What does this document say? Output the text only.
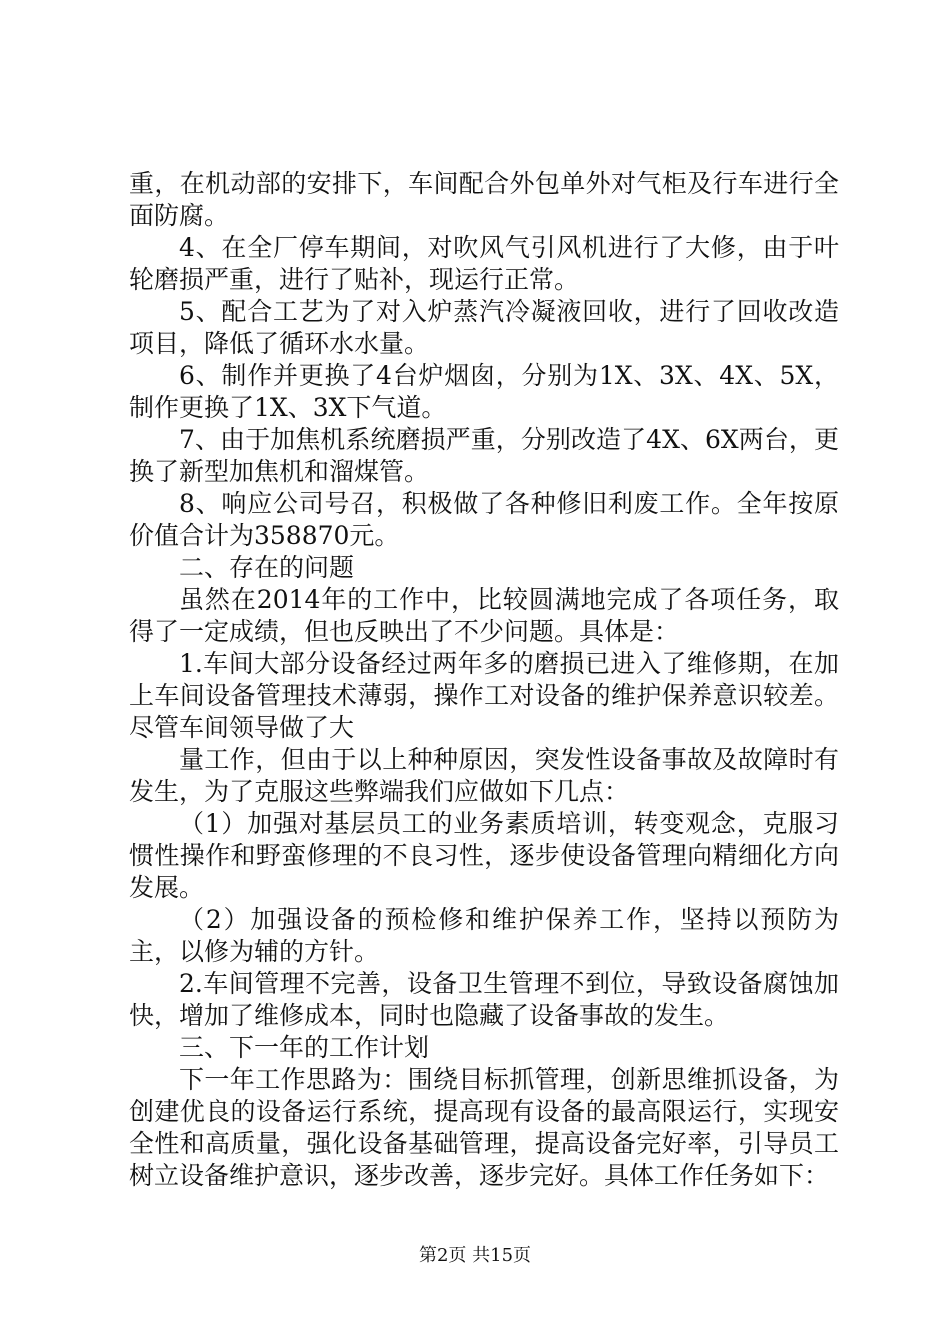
重，在机动部的安排下，车间配合外包单外对气柜及行车进行全面防腐。

4、在全厂停车期间，对吹风气引风机进行了大修，由于叶轮磨损严重，进行了贴补，现运行正常。

5、配合工艺为了对入炉蒸汽冷凝液回收，进行了回收改造项目，降低了循环水水量。

6、制作并更换了4台炉烟囱，分别为1X、3X、4X、5X，制作更换了1X、3X下气道。

7、由于加焦机系统磨损严重，分别改造了4X、6X两台，更换了新型加焦机和溜煤管。

8、响应公司号召，积极做了各种修旧利废工作。全年按原价值合计为358870元。

二、存在的问题

虽然在2014年的工作中，比较圆满地完成了各项任务，取得了一定成绩，但也反映出了不少问题。具体是：

1.车间大部分设备经过两年多的磨损已进入了维修期，在加上车间设备管理技术薄弱，操作工对设备的维护保养意识较差。尽管车间领导做了大

量工作，但由于以上种种原因，突发性设备事故及故障时有发生，为了克服这些弊端我们应做如下几点：

（1）加强对基层员工的业务素质培训，转变观念，克服习惯性操作和野蛮修理的不良习性，逐步使设备管理向精细化方向发展。

（2）加强设备的预检修和维护保养工作，坚持以预防为主，以修为辅的方针。

2.车间管理不完善，设备卫生管理不到位，导致设备腐蚀加快，增加了维修成本，同时也隐藏了设备事故的发生。

三、下一年的工作计划

下一年工作思路为：围绕目标抓管理，创新思维抓设备，为创建优良的设备运行系统，提高现有设备的最高限运行，实现安全性和高质量，强化设备基础管理，提高设备完好率，引导员工树立设备维护意识，逐步改善，逐步完好。具体工作任务如下：

第2页 共15页
